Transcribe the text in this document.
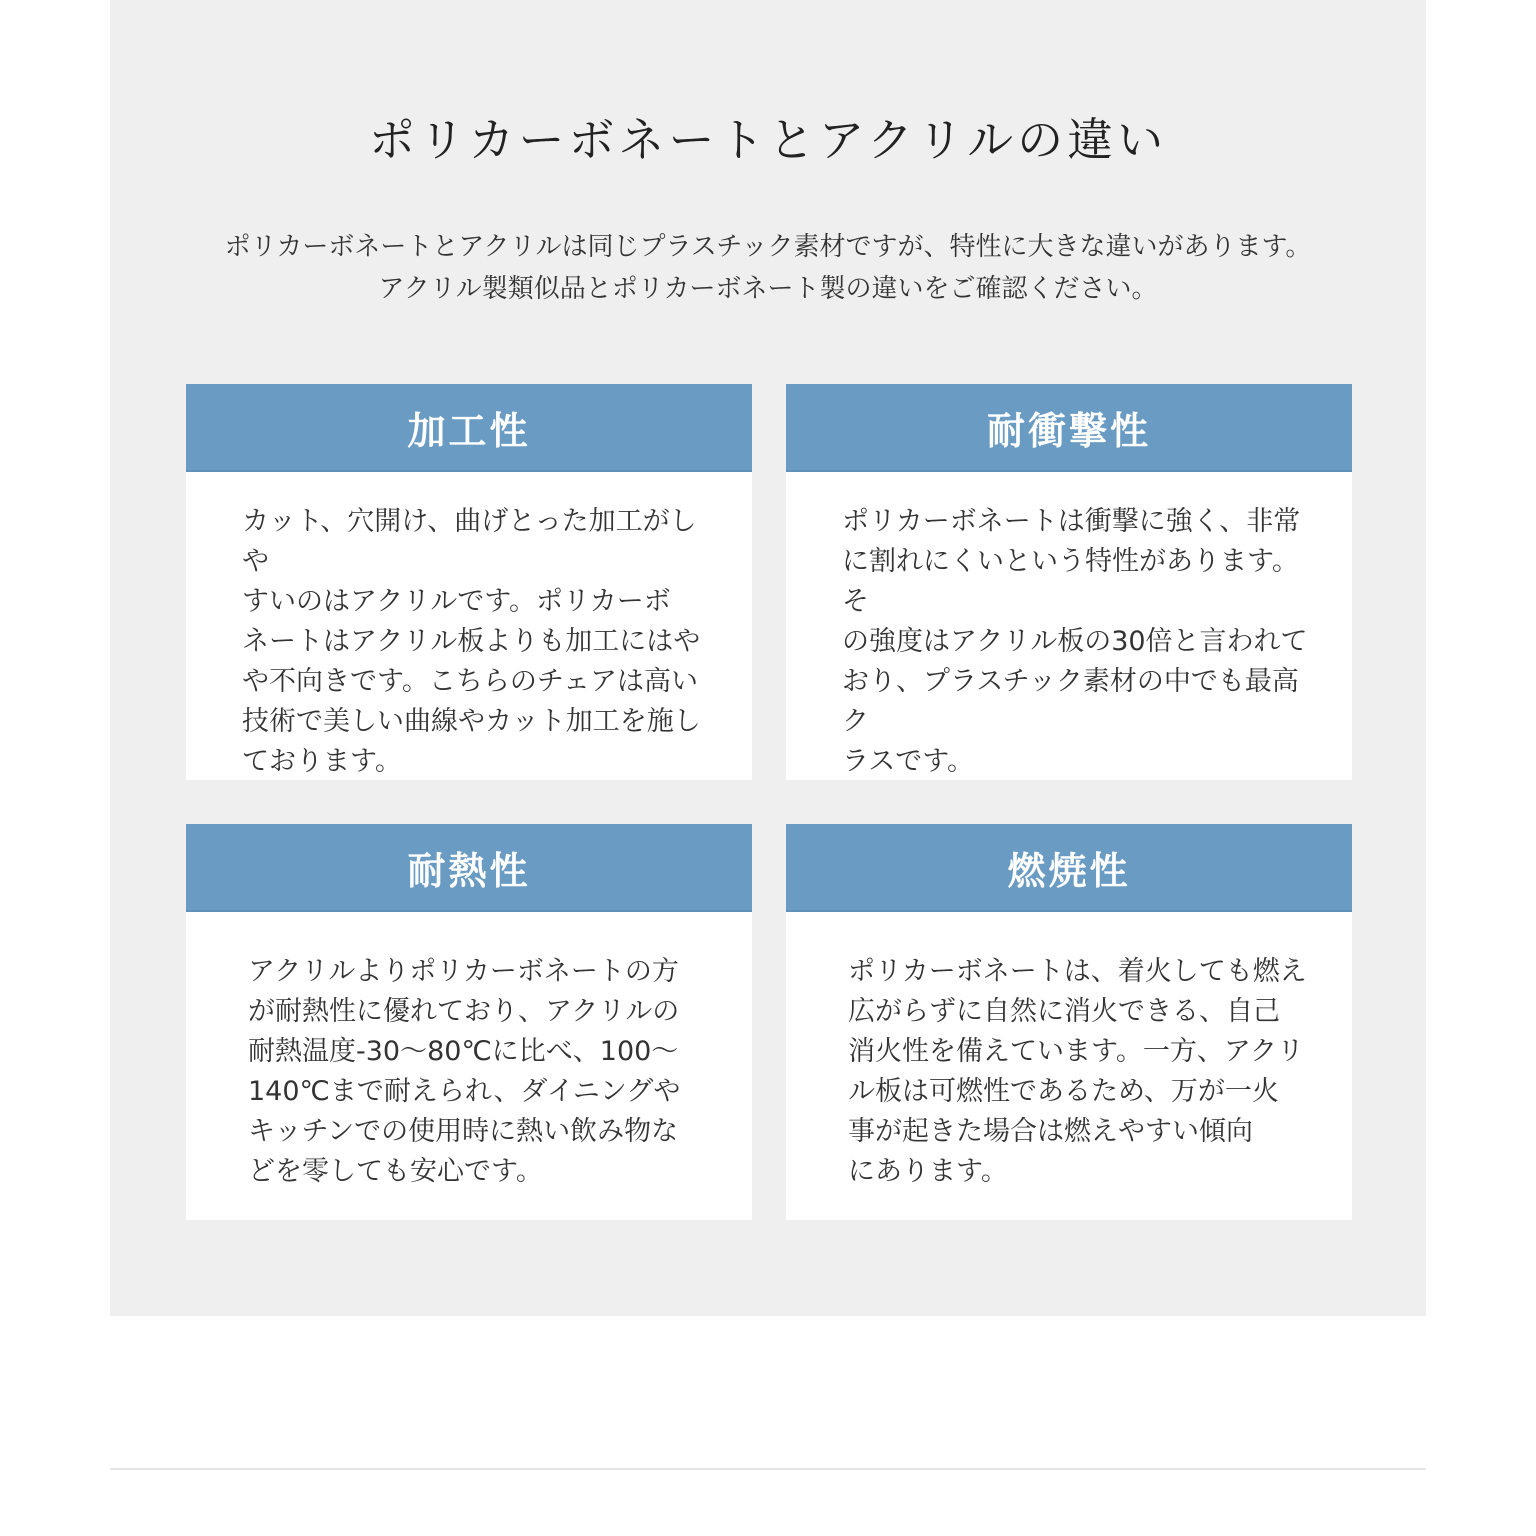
ポリカーボネートとアクリルの違い

ポリカーボネートとアクリルは同じプラスチック素材ですが、特性に大きな違いがあります。

アクリル製類似品とポリカーボネート製の違いをご確認ください。

加工性

カット、穴開け、曲げとった加工がしや

すいのはアクリルです。ポリカーボ

ネートはアクリル板よりも加工にはや

や不向きです。こちらのチェアは高い

技術で美しい曲線やカット加工を施し

ております。

耐衝撃性

ポリカーボネートは衝撃に強く、非常

に割れにくいという特性があります。そ

の強度はアクリル板の30倍と言われて

おり、プラスチック素材の中でも最高ク

ラスです。

耐熱性

アクリルよりポリカーボネートの方

が耐熱性に優れており、アクリルの

耐熱温度-30〜80℃に比べ、100〜

140℃まで耐えられ、ダイニングや

キッチンでの使用時に熱い飲み物な

どを零しても安心です。

燃焼性

ポリカーボネートは、着火しても燃え

広がらずに自然に消火できる、自己

消火性を備えています。一方、アクリ

ル板は可燃性であるため、万が一火

事が起きた場合は燃えやすい傾向

にあります。
